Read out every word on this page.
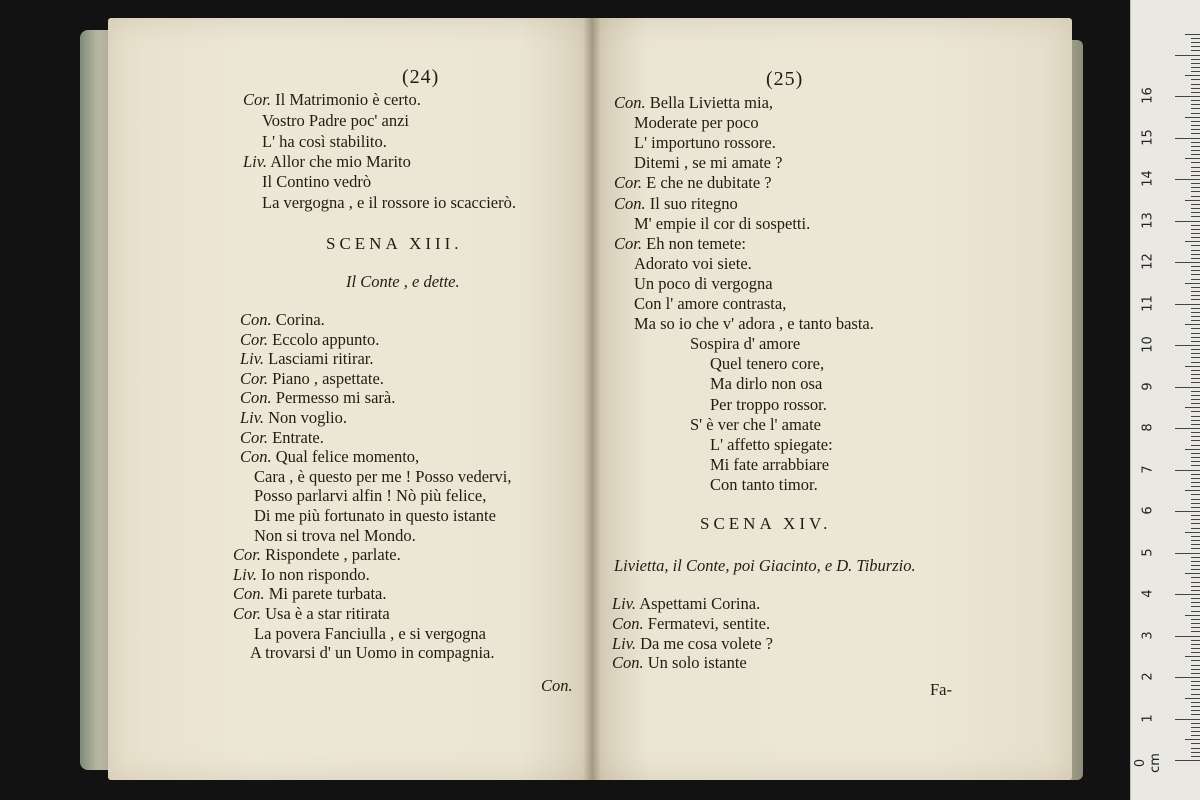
(24)
Cor. Il Matrimonio è certo.
Vostro Padre poc' anzi
L' ha così stabilito.
Liv. Allor che mio Marito
Il Contino vedrò
La vergogna , e il rossore io scaccierò.
SCENA XIII.
Il Conte , e dette.
Con. Corina.
Cor. Eccolo appunto.
Liv. Lasciami ritirar.
Cor. Piano , aspettate.
Con. Permesso mi sarà.
Liv. Non voglio.
Cor. Entrate.
Con. Qual felice momento,
Cara , è questo per me ! Posso vedervi,
Posso parlarvi alfin ! Nò più felice,
Di me più fortunato in questo istante
Non si trova nel Mondo.
Cor. Rispondete , parlate.
Liv. Io non rispondo.
Con. Mi parete turbata.
Cor. Usa è a star ritirata
La povera Fanciulla , e si vergogna
A trovarsi d' un Uomo in compagnia.
Con.
(25)
Con. Bella Livietta mia,
Moderate per poco
L' importuno rossore.
Ditemi , se mi amate ?
Cor. E che ne dubitate ?
Con. Il suo ritegno
M' empie il cor di sospetti.
Cor. Eh non temete:
Adorato voi siete.
Un poco di vergogna
Con l' amore contrasta,
Ma so io che v' adora , e tanto basta.
Sospira d' amore
Quel tenero core,
Ma dirlo non osa
Per troppo rossor.
S' è ver che l' amate
L' affetto spiegate:
Mi fate arrabbiare
Con tanto timor.
SCENA XIV.
Livietta, il Conte, poi Giacinto, e D. Tiburzio.
Liv. Aspettami Corina.
Con. Fermatevi, sentite.
Liv. Da me cosa volete ?
Con. Un solo istante
Fa-
0 cm
1
2
3
4
5
6
7
8
9
10
11
12
13
14
15
16
